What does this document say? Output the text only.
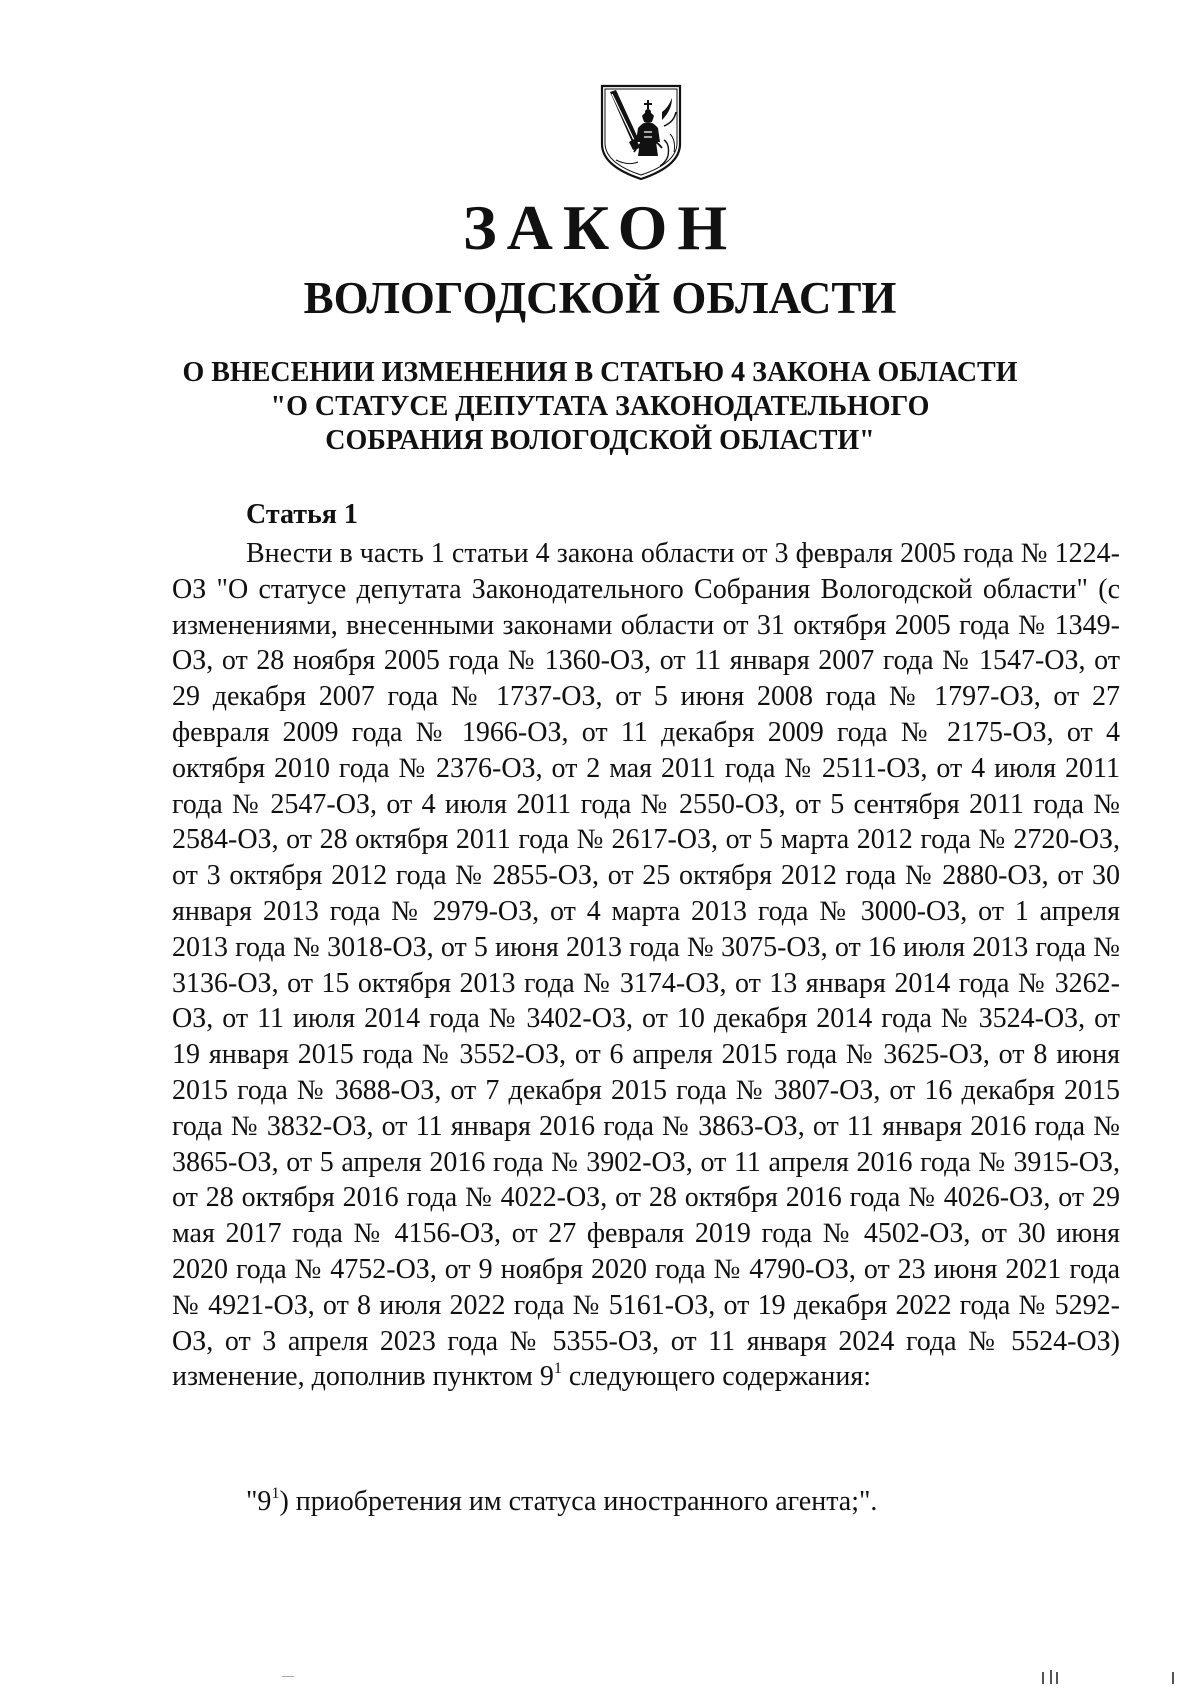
ЗАКОН
ВОЛОГОДСКОЙ ОБЛАСТИ
О ВНЕСЕНИИ ИЗМЕНЕНИЯ В СТАТЬЮ 4 ЗАКОНА ОБЛАСТИ
"О СТАТУСЕ ДЕПУТАТА ЗАКОНОДАТЕЛЬНОГО
СОБРАНИЯ ВОЛОГОДСКОЙ ОБЛАСТИ"
Статья 1
Внести в часть 1 статьи 4 закона области от 3 февраля 2005 года № 1224-ОЗ "О статусе депутата Законодательного Собрания Вологодской области" (с изменениями, внесенными законами области от 31 октября 2005 года № 1349-ОЗ, от 28 ноября 2005 года № 1360-ОЗ, от 11 января 2007 года № 1547-ОЗ, от 29 декабря 2007 года № 1737-ОЗ, от 5 июня 2008 года № 1797-ОЗ, от 27 февраля 2009 года № 1966-ОЗ, от 11 декабря 2009 года № 2175-ОЗ, от 4 октября 2010 года № 2376-ОЗ, от 2 мая 2011 года № 2511-ОЗ, от 4 июля 2011 года № 2547-ОЗ, от 4 июля 2011 года № 2550-ОЗ, от 5 сентября 2011 года № 2584-ОЗ, от 28 октября 2011 года № 2617-ОЗ, от 5 марта 2012 года № 2720-ОЗ, от 3 октября 2012 года № 2855-ОЗ, от 25 октября 2012 года № 2880-ОЗ, от 30 января 2013 года № 2979-ОЗ, от 4 марта 2013 года № 3000-ОЗ, от 1 апреля 2013 года № 3018-ОЗ, от 5 июня 2013 года № 3075-ОЗ, от 16 июля 2013 года № 3136-ОЗ, от 15 октября 2013 года № 3174-ОЗ, от 13 января 2014 года № 3262-ОЗ, от 11 июля 2014 года № 3402-ОЗ, от 10 декабря 2014 года № 3524-ОЗ, от 19 января 2015 года № 3552-ОЗ, от 6 апреля 2015 года № 3625-ОЗ, от 8 июня 2015 года № 3688-ОЗ, от 7 декабря 2015 года № 3807-ОЗ, от 16 декабря 2015 года № 3832-ОЗ, от 11 января 2016 года № 3863-ОЗ, от 11 января 2016 года № 3865-ОЗ, от 5 апреля 2016 года № 3902-ОЗ, от 11 апреля 2016 года № 3915-ОЗ, от 28 октября 2016 года № 4022-ОЗ, от 28 октября 2016 года № 4026-ОЗ, от 29 мая 2017 года № 4156-ОЗ, от 27 февраля 2019 года № 4502-ОЗ, от 30 июня 2020 года № 4752-ОЗ, от 9 ноября 2020 года № 4790-ОЗ, от 23 июня 2021 года № 4921-ОЗ, от 8 июля 2022 года № 5161-ОЗ, от 19 декабря 2022 года № 5292-ОЗ, от 3 апреля 2023 года № 5355-ОЗ, от 11 января 2024 года № 5524-ОЗ) изменение, дополнив пунктом $9^1$ следующего содержания:
"$9^1$) приобретения им статуса иностранного агента;".
